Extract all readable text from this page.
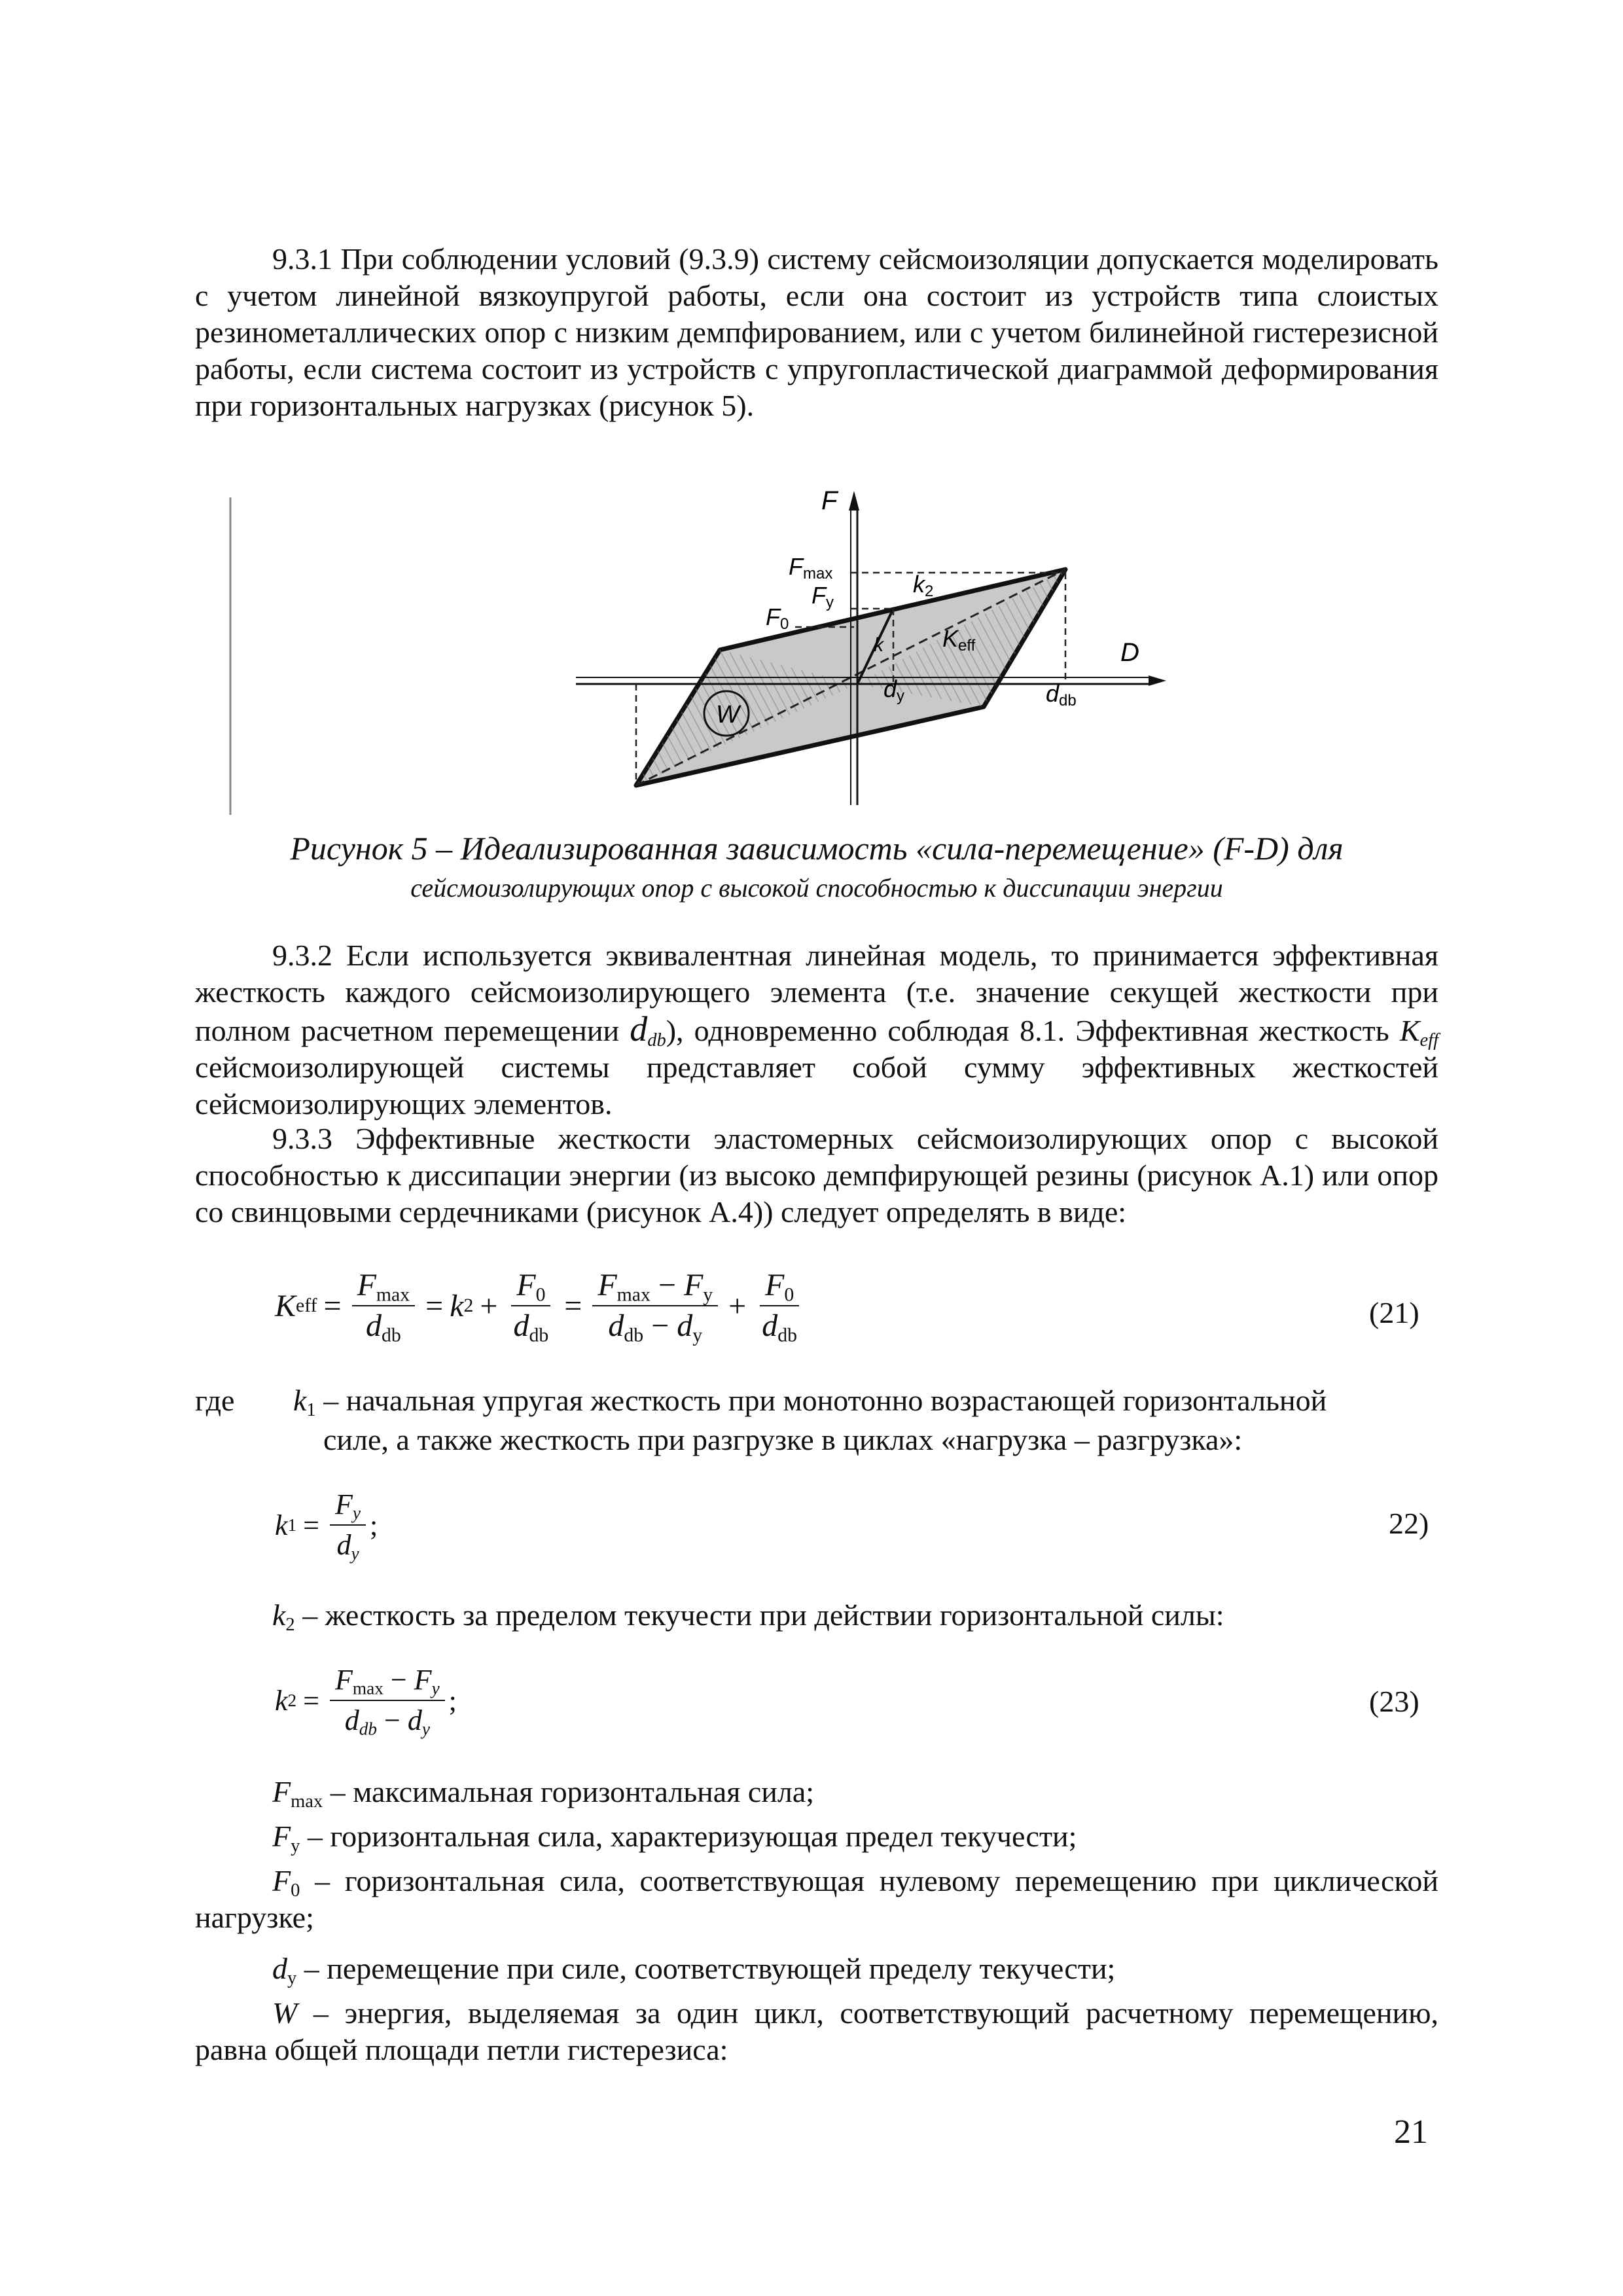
9.3.1 При соблюдении условий (9.3.9) систему сейсмоизоляции допускается моделировать с учетом линейной вязкоупругой работы, если она состоит из устройств типа слоистых резинометаллических опор с низким демпфированием, или с учетом билинейной гистерезисной работы, если система состоит из устройств с упругопластической диаграммой деформирования при горизонтальных нагрузках (рисунок 5).

F
D
Fmax
Fy
F0
k2
k	Keff
dy	ddb
W

Рисунок 5 – Идеализированная зависимость «сила-перемещение» (F-D) для

сейсмоизолирующих опор с высокой способностью к диссипации энергии

9.3.2 Если используется эквивалентная линейная модель, то принимается эффективная жесткость каждого сейсмоизолирующего элемента (т.е. значение секущей жесткости при полном расчетном перемещении $d_{db}$), одновременно соблюдая 8.1. Эффективная жесткость $K_{eff}$ сейсмоизолирующей системы представляет собой сумму эффективных жесткостей сейсмоизолирующих элементов.

9.3.3 Эффективные жесткости эластомерных сейсмоизолирующих опор с высокой способностью к диссипации энергии (из высоко демпфирующей резины (рисунок А.1) или опор со свинцовыми сердечниками (рисунок А.4)) следует определять в виде:

K eff = $\frac{F_{max}}{d_{db}} = k$ $2 + \frac{F_0}{d_{db}} = \frac{F_{max} - F_y}{d_{db} - d_y} + \frac{F_0}{d_{db}}$	(21)
где $k_1$ – начальная упругая жесткость при монотонно возрастающей горизонтальной
силе, а также жесткость при разгрузке в циклах «нагрузка – разгрузка»:
k $1 = \frac{F_y}{d_y}$ ;	22)
$k_2$ – жесткость за пределом текучести при действии горизонтальной силы:
k $2 = \frac{F_{max} - F_y}{d_{db} - d_y}$ ;	(23)
$F_{max}$ – максимальная горизонтальная сила;
$F_y$ – горизонтальная сила, характеризующая предел текучести;

$F_0$ – горизонтальная сила, соответствующая нулевому перемещению при циклической нагрузке;

$d_y$ – перемещение при силе, соответствующей пределу текучести;

W – энергия, выделяемая за один цикл, соответствующий расчетному перемещению, равна общей площади петли гистерезиса:

21
